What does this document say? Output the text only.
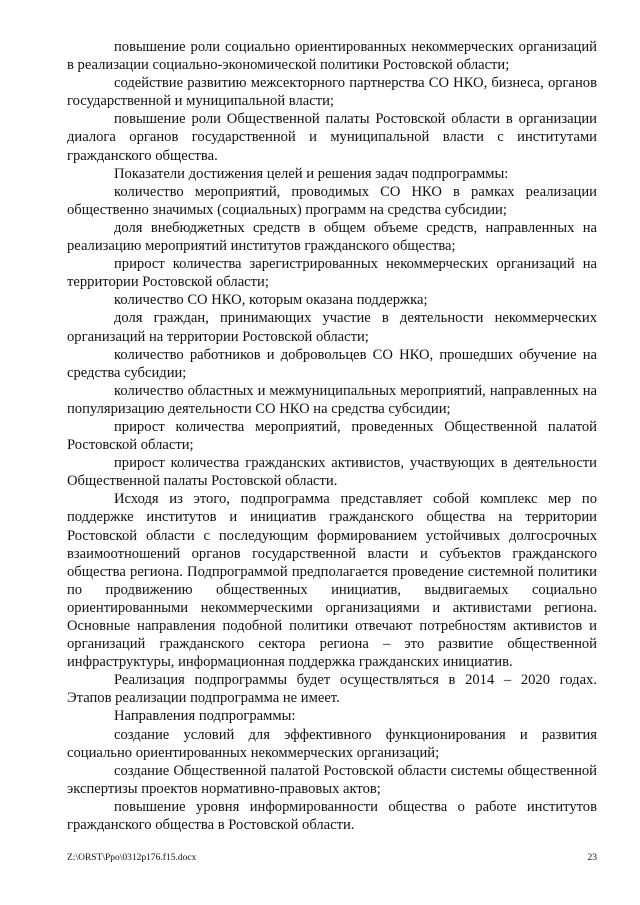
повышение роли социально ориентированных некоммерческих организаций в реализации социально-экономической политики Ростовской области;

содействие развитию межсекторного партнерства СО НКО, бизнеса, органов государственной и муниципальной власти;

повышение роли Общественной палаты Ростовской области в организации диалога органов государственной и муниципальной власти с институтами гражданского общества.

Показатели достижения целей и решения задач подпрограммы:

количество мероприятий, проводимых СО НКО в рамках реализации общественно значимых (социальных) программ на средства субсидии;

доля внебюджетных средств в общем объеме средств, направленных на реализацию мероприятий институтов гражданского общества;

прирост количества зарегистрированных некоммерческих организаций на территории Ростовской области;

количество СО НКО, которым оказана поддержка;

доля граждан, принимающих участие в деятельности некоммерческих организаций на территории Ростовской области;

количество работников и добровольцев СО НКО, прошедших обучение на средства субсидии;

количество областных и межмуниципальных мероприятий, направленных на популяризацию деятельности СО НКО на средства субсидии;

прирост количества мероприятий, проведенных Общественной палатой Ростовской области;

прирост количества гражданских активистов, участвующих в деятельности Общественной палаты Ростовской области.

Исходя из этого, подпрограмма представляет собой комплекс мер по поддержке институтов и инициатив гражданского общества на территории Ростовской области с последующим формированием устойчивых долгосрочных взаимоотношений органов государственной власти и субъектов гражданского общества региона. Подпрограммой предполагается проведение системной политики по продвижению общественных инициатив, выдвигаемых социально ориентированными некоммерческими организациями и активистами региона. Основные направления подобной политики отвечают потребностям активистов и организаций гражданского сектора региона – это развитие общественной инфраструктуры, информационная поддержка гражданских инициатив.

Реализация подпрограммы будет осуществляться в 2014 – 2020 годах. Этапов реализации подпрограмма не имеет.

Направления подпрограммы:

создание условий для эффективного функционирования и развития социально ориентированных некоммерческих организаций;

создание Общественной палатой Ростовской области системы общественной экспертизы проектов нормативно-правовых актов;

повышение уровня информированности общества о работе институтов гражданского общества в Ростовской области.

Z:\ORST\Ppo\0312p176.f15.docx	23
